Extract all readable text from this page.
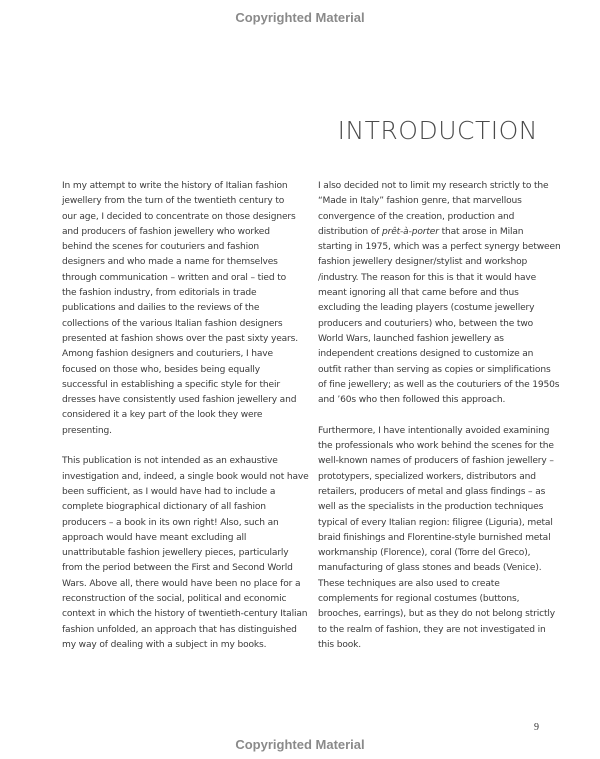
Copyrighted Material
INTRODUCTION

In my attempt to write the history of Italian fashion
jewellery from the turn of the twentieth century to
our age, I decided to concentrate on those designers
and producers of fashion jewellery who worked
behind the scenes for couturiers and fashion
designers and who made a name for themselves
through communication – written and oral – tied to
the fashion industry, from editorials in trade
publications and dailies to the reviews of the
collections of the various Italian fashion designers
presented at fashion shows over the past sixty years.
Among fashion designers and couturiers, I have
focused on those who, besides being equally
successful in establishing a specific style for their
dresses have consistently used fashion jewellery and
considered it a key part of the look they were
presenting.

This publication is not intended as an exhaustive
investigation and, indeed, a single book would not have
been sufficient, as I would have had to include a
complete biographical dictionary of all fashion
producers – a book in its own right! Also, such an
approach would have meant excluding all
unattributable fashion jewellery pieces, particularly
from the period between the First and Second World
Wars. Above all, there would have been no place for a
reconstruction of the social, political and economic
context in which the history of twentieth-century Italian
fashion unfolded, an approach that has distinguished
my way of dealing with a subject in my books.

I also decided not to limit my research strictly to the
“Made in Italy” fashion genre, that marvellous
convergence of the creation, production and
distribution of prêt-à-porter that arose in Milan
starting in 1975, which was a perfect synergy between
fashion jewellery designer/stylist and workshop
/industry. The reason for this is that it would have
meant ignoring all that came before and thus
excluding the leading players (costume jewellery
producers and couturiers) who, between the two
World Wars, launched fashion jewellery as
independent creations designed to customize an
outfit rather than serving as copies or simplifications
of fine jewellery; as well as the couturiers of the 1950s
and ’60s who then followed this approach.

Furthermore, I have intentionally avoided examining
the professionals who work behind the scenes for the
well-known names of producers of fashion jewellery –
prototypers, specialized workers, distributors and
retailers, producers of metal and glass findings – as
well as the specialists in the production techniques
typical of every Italian region: filigree (Liguria), metal
braid finishings and Florentine-style burnished metal
workmanship (Florence), coral (Torre del Greco),
manufacturing of glass stones and beads (Venice).
These techniques are also used to create
complements for regional costumes (buttons,
brooches, earrings), but as they do not belong strictly
to the realm of fashion, they are not investigated in
this book.

9
Copyrighted Material
